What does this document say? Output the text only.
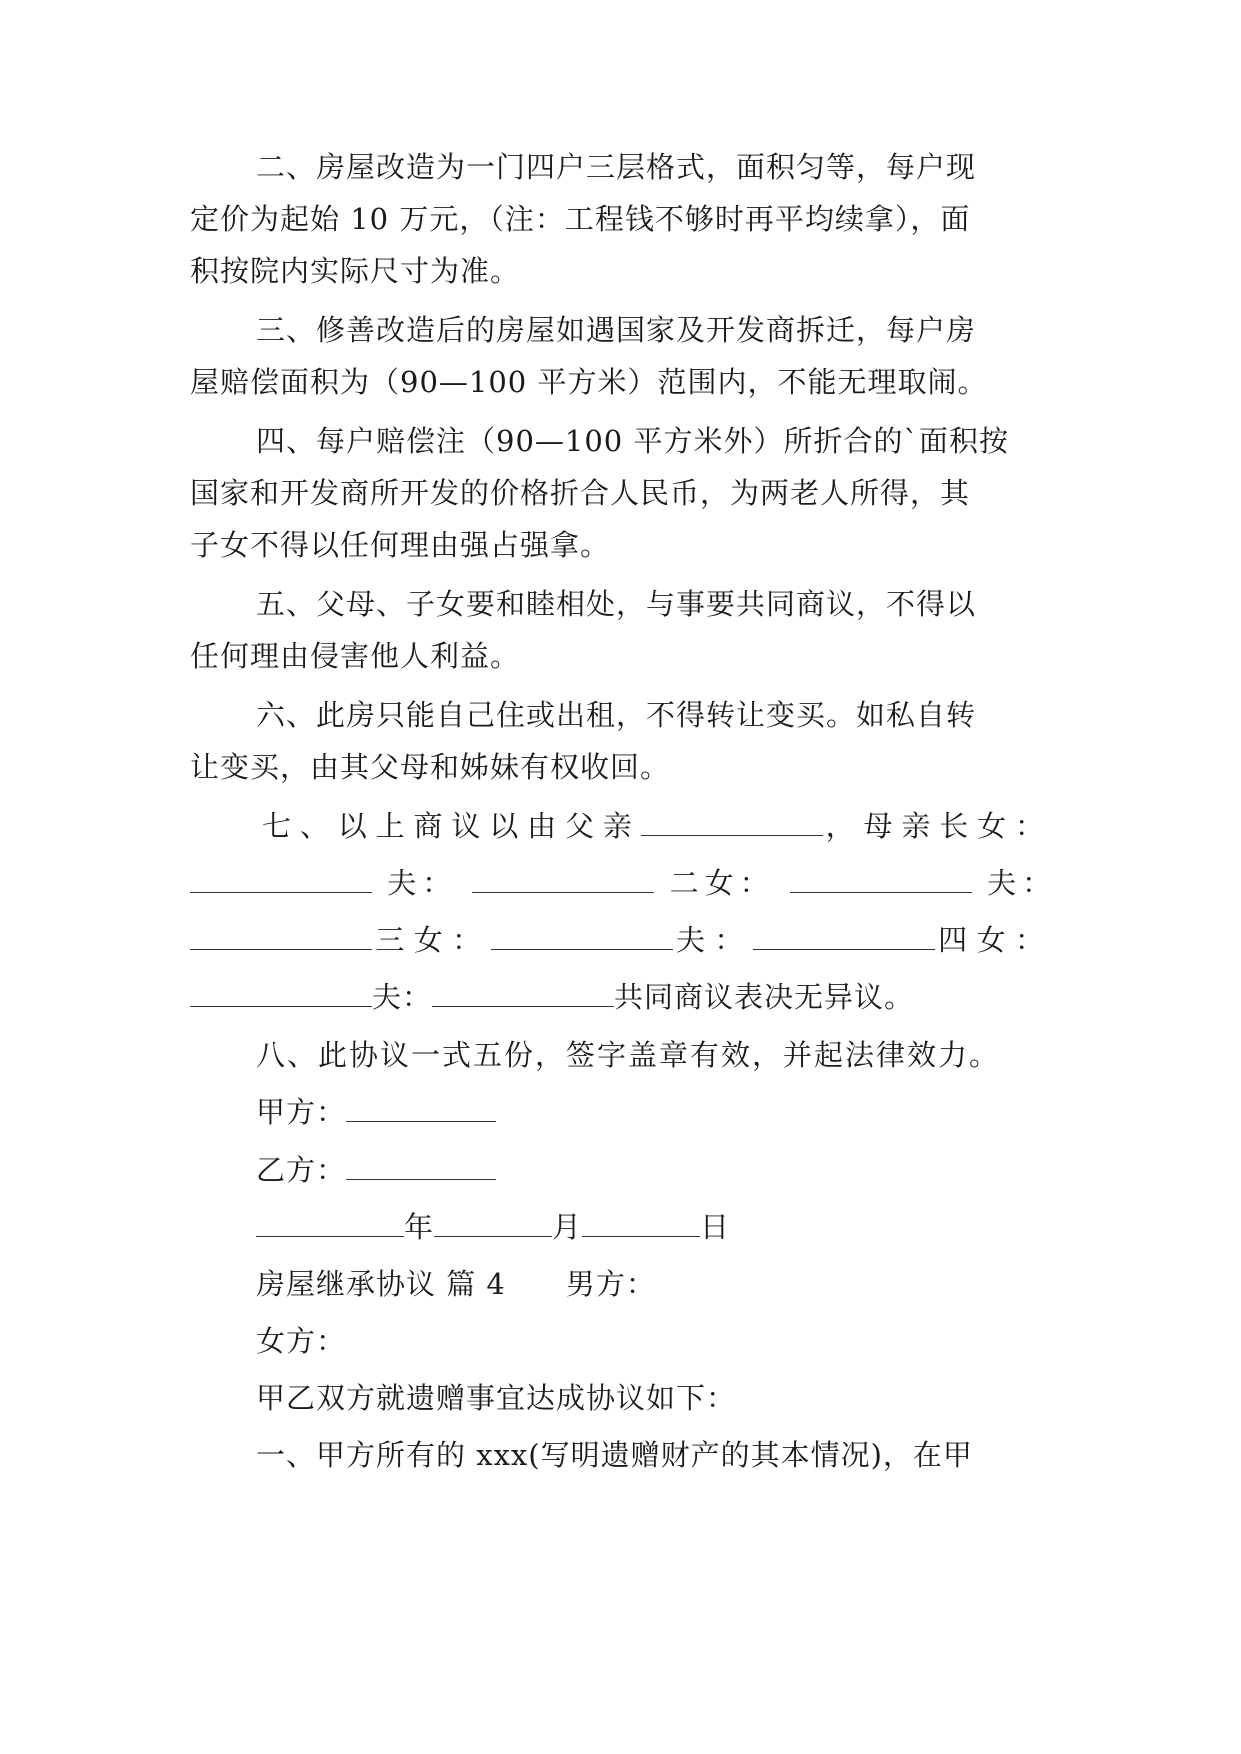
二、房屋改造为一门四户三层格式，面积匀等，每户现
定价为起始 10 万元，（注：工程钱不够时再平均续拿），面
积按院内实际尺寸为准。
三、修善改造后的房屋如遇国家及开发商拆迁，每户房
屋赔偿面积为（90—100 平方米）范围内，不能无理取闹。
四、每户赔偿注（90—100 平方米外）所折合的`面积按
国家和开发商所开发的价格折合人民币，为两老人所得，其
子女不得以任何理由强占强拿。
五、父母、子女要和睦相处，与事要共同商议，不得以
任何理由侵害他人利益。
六、此房只能自己住或出租，不得转让变买。如私自转
让变买，由其父母和姊妹有权收回。
七、以上商议以由父亲	，母亲长女：
夫：	二女：	夫：
三女：	夫：	四女：
夫：	共同商议表决无异议。
八、此协议一式五份，签字盖章有效，并起法律效力。
甲方：
乙方：
年	月	日
房屋继承协议 篇 4 男方：
女方：
甲乙双方就遗赠事宜达成协议如下：
一、甲方所有的 xxx(写明遗赠财产的其本情况)，在甲
